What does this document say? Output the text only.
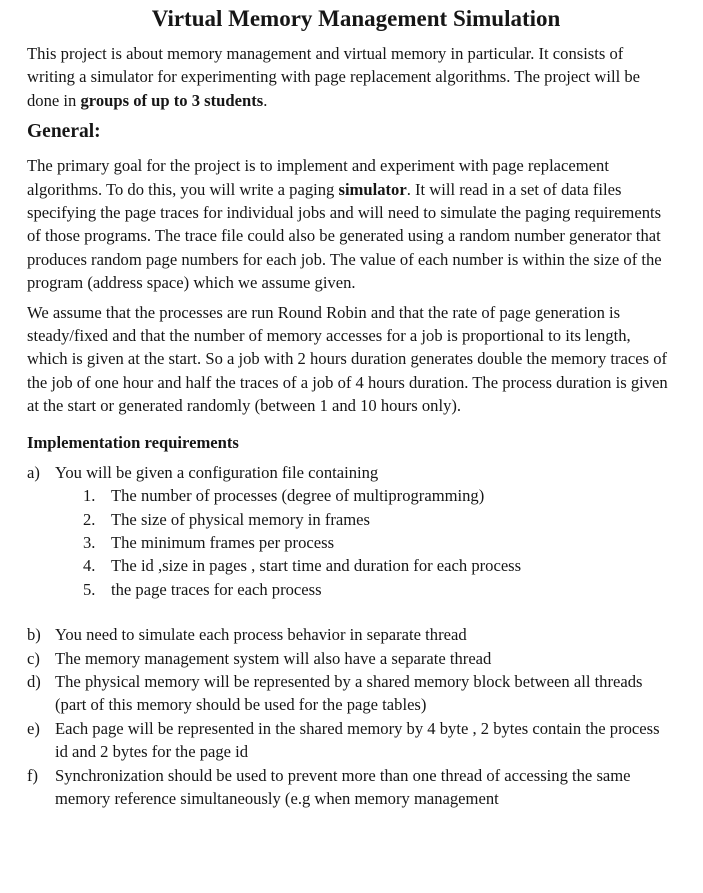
Virtual Memory Management Simulation

This project is about memory management and virtual memory in particular. It consists of writing a simulator for experimenting with page replacement algorithms. The project will be done in groups of up to 3 students.

General:

The primary goal for the project is to implement and experiment with page replacement algorithms. To do this, you will write a paging simulator. It will read in a set of data files specifying the page traces for individual jobs and will need to simulate the paging requirements of those programs. The trace file could also be generated using a random number generator that produces random page numbers for each job. The value of each number is within the size of the program (address space) which we assume given.

We assume that the processes are run Round Robin and that the rate of page generation is steady/fixed and that the number of memory accesses for a job is proportional to its length, which is given at the start. So a job with 2 hours duration generates double the memory traces of the job of one hour and half the traces of a job of 4 hours duration. The process duration is given at the start or generated randomly (between 1 and 10 hours only).

Implementation requirements
a) You will be given a configuration file containing
1. The number of processes (degree of multiprogramming)
2. The size of physical memory in frames
3. The minimum frames per process
4. The id ,size in pages , start time and duration for each process
5. the page traces for each process
b) You need to simulate each process behavior in separate thread
c) The memory management system will also have a separate thread
d) The physical memory will be represented by a shared memory block between all threads (part of this memory should be used for the page tables)
e) Each page will be represented in the shared memory by 4 byte , 2 bytes contain the process id and 2 bytes for the page id
f)	Synchronization should be used to prevent more than one thread of accessing the same memory reference simultaneously (e.g when memory management
